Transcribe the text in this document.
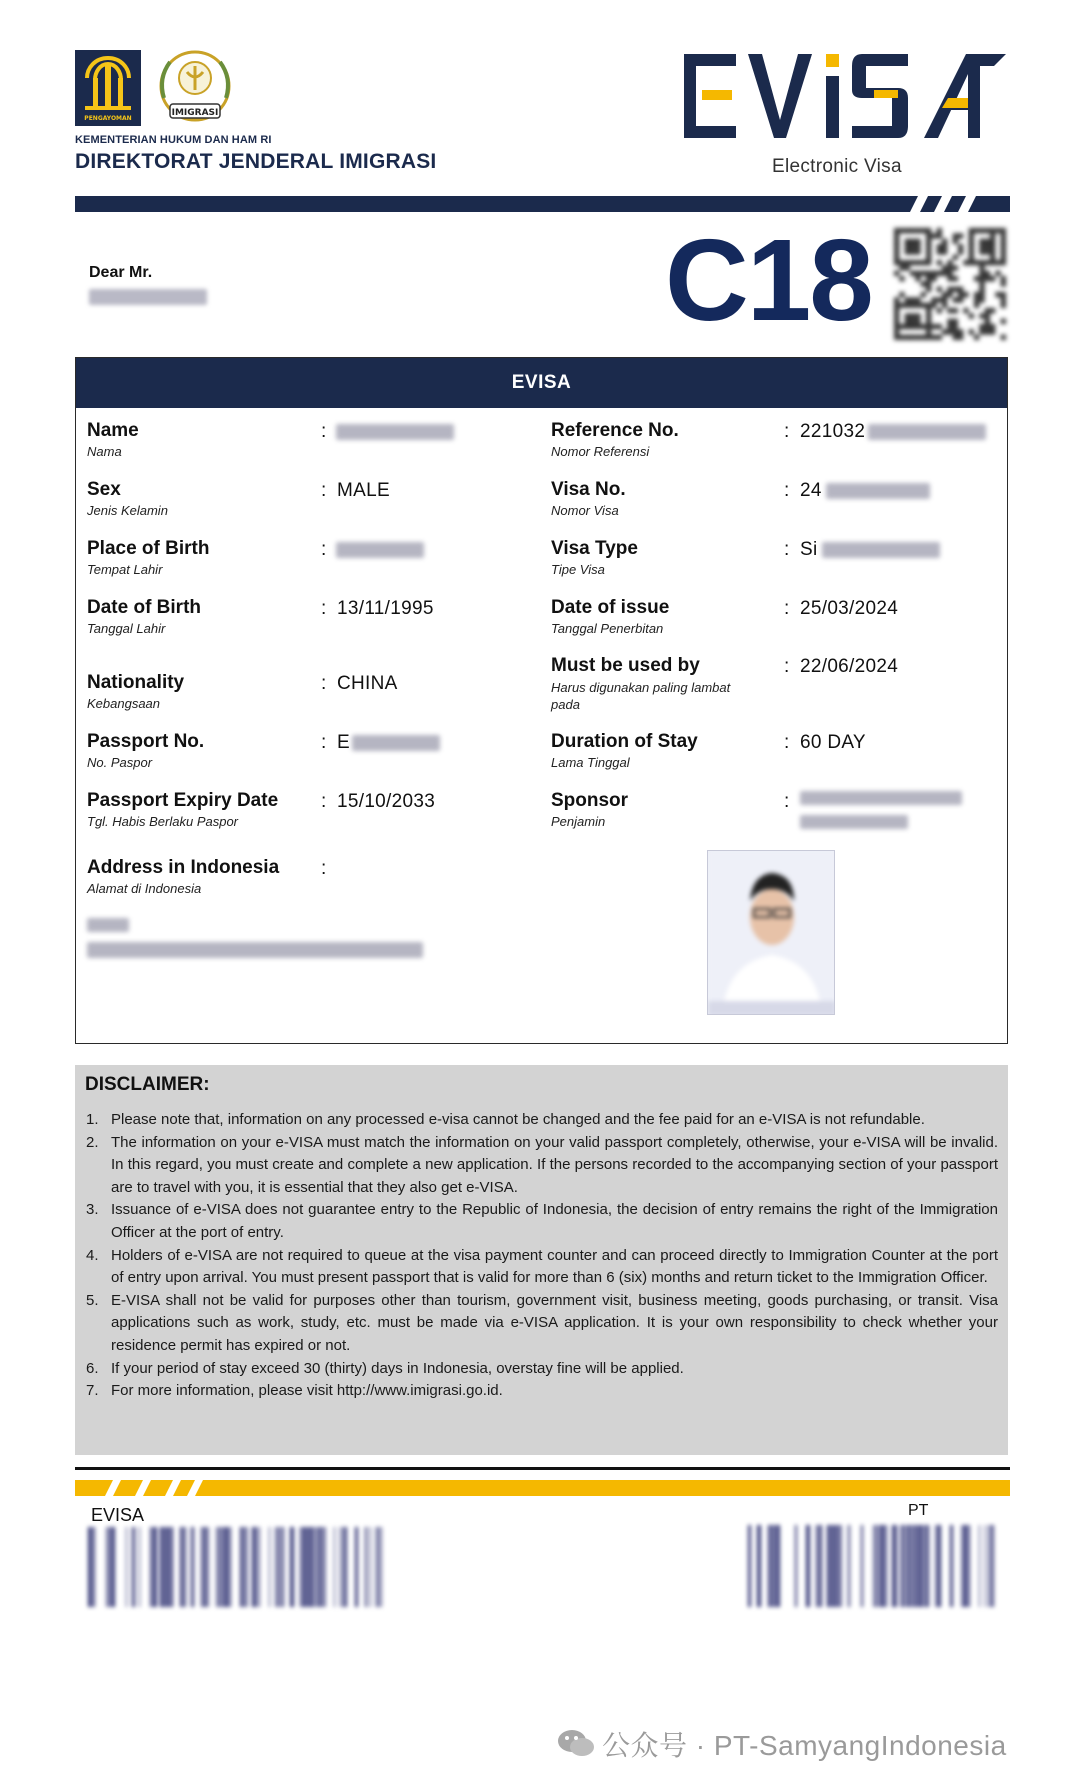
PENGAYOMAN
IMIGRASI
KEMENTERIAN HUKUM DAN HAM RI
DIREKTORAT JENDERAL IMIGRASI	Electronic Visa
Dear Mr.	C18
EVISA
Name
Nama
:
Sex
Jenis Kelamin
: MALE
Place of Birth
Tempat Lahir
:
Date of Birth
Tanggal Lahir
: 13/11/1995
Nationality
Kebangsaan
: CHINA
Passport No.
No. Paspor
: E
Passport Expiry Date
Tgl. Habis Berlaku Paspor
: 15/10/2033
Address in Indonesia
Alamat di Indonesia
:
Reference No.
Nomor Referensi
: 221032
Visa No.
Nomor Visa
: 24
Visa Type
Tipe Visa
: Si
Date of issue
Tanggal Penerbitan
: 25/03/2024
Must be used by
Harus digunakan paling lambat pada
: 22/06/2024
Duration of Stay
Lama Tinggal
: 60 DAY
Sponsor
Penjamin
:
DISCLAIMER:
1. Please note that, information on any processed e-visa cannot be changed and the fee paid for an e-VISA is not refundable.
2. The information on your e-VISA must match the information on your valid passport completely, otherwise, your e-VISA will be invalid. In this regard, you must create and complete a new application. If the persons recorded to the accompanying section of your passport are to travel with you, it is essential that they also get e-VISA.
3. Issuance of e-VISA does not guarantee entry to the Republic of Indonesia, the decision of entry remains the right of the Immigration Officer at the port of entry.
4. Holders of e-VISA are not required to queue at the visa payment counter and can proceed directly to Immigration Counter at the port of entry upon arrival. You must present passport that is valid for more than 6 (six) months and return ticket to the Immigration Officer.
5. E-VISA shall not be valid for purposes other than tourism, government visit, business meeting, goods purchasing, or transit. Visa applications such as work, study, etc. must be made via e-VISA application. It is your own responsibility to check whether your residence permit has expired or not.
6. If your period of stay exceed 30 (thirty) days in Indonesia, overstay fine will be applied.
7. For more information, please visit http://www.imigrasi.go.id.
EVISA	PT
公众号 · PT-SamyangIndonesia
